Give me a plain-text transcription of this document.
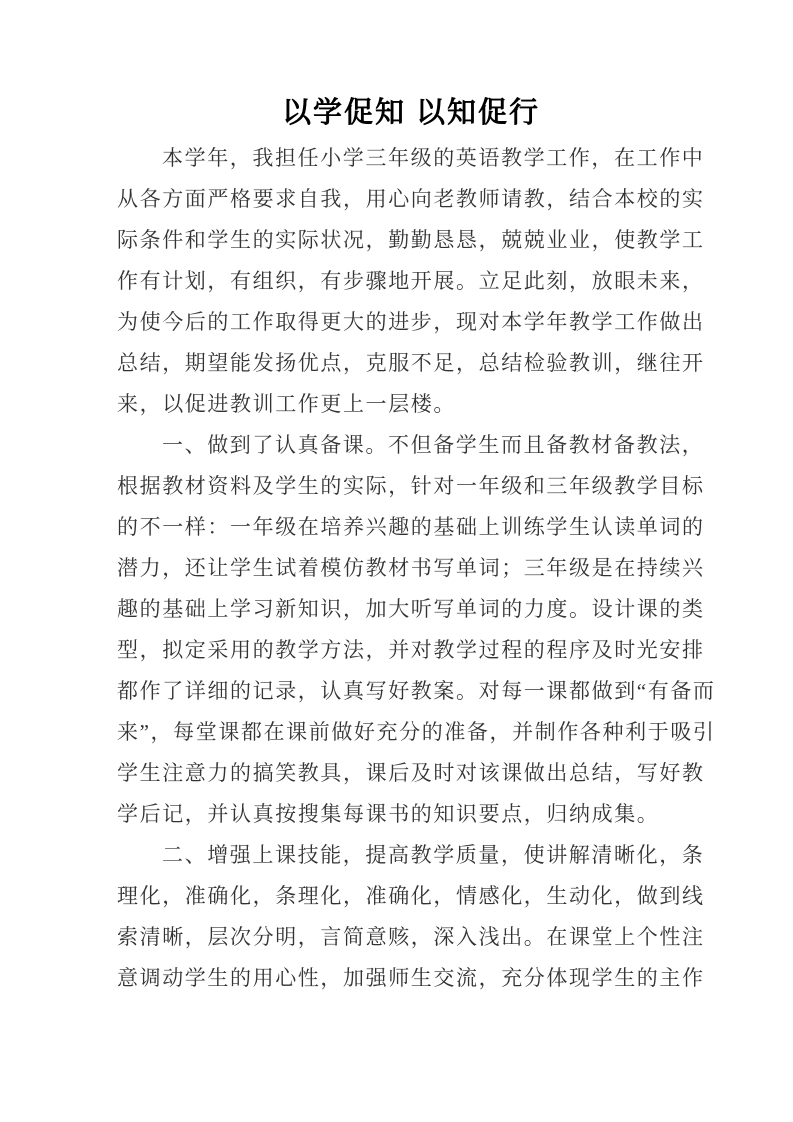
以学促知 以知促行
本学年，我担任小学三年级的英语教学工作，在工作中
从各方面严格要求自我，用心向老教师请教，结合本校的实
际条件和学生的实际状况，勤勤恳恳，兢兢业业，使教学工
作有计划，有组织，有步骤地开展。立足此刻，放眼未来，
为使今后的工作取得更大的进步，现对本学年教学工作做出
总结，期望能发扬优点，克服不足，总结检验教训，继往开
来，以促进教训工作更上一层楼。
一、做到了认真备课。不但备学生而且备教材备教法，
根据教材资料及学生的实际，针对一年级和三年级教学目标
的不一样：一年级在培养兴趣的基础上训练学生认读单词的
潜力，还让学生试着模仿教材书写单词；三年级是在持续兴
趣的基础上学习新知识，加大听写单词的力度。设计课的类
型，拟定采用的教学方法，并对教学过程的程序及时光安排
都作了详细的记录，认真写好教案。对每一课都做到“有备而
来”，每堂课都在课前做好充分的准备，并制作各种利于吸引
学生注意力的搞笑教具，课后及时对该课做出总结，写好教
学后记，并认真按搜集每课书的知识要点，归纳成集。
二、增强上课技能，提高教学质量，使讲解清晰化，条
理化，准确化，条理化，准确化，情感化，生动化，做到线
索清晰，层次分明，言简意赅，深入浅出。在课堂上个性注
意调动学生的用心性，加强师生交流，充分体现学生的主作
